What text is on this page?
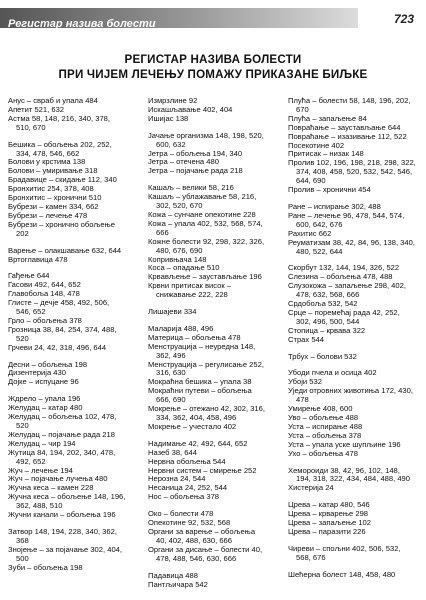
Регистар назива болести	723
РЕГИСТАР НАЗИВА БОЛЕСТИ
ПРИ ЧИЈЕМ ЛЕЧЕЊУ ПОМАЖУ ПРИКАЗАНЕ БИЉКЕ
Анус – сврaб и упала 484
Апетит 521, 632
Астма 58, 148, 216, 340, 378, 510, 670
Бешика – обољења 202, 252, 334, 478, 546, 662
Болови у крстима 138
Болови – умиривање 318
Брадавице – скидање 112, 340
Бронхитис 254, 378, 408
Бронхитис – хронични 510
Бубрези – камен 334, 662
Бубрези – лечење 478
Бубрези – хронично обољење 202
Варење – олакшавање 632, 644
Вртоглавица 478
Гађење 644
Гасови 492, 644, 652
Главобоља 148, 478
Глисте – дечје 458, 492, 506, 546, 652
Грло – обољења 378
Грозница 38, 84, 254, 374, 488, 520
Грчеви 24, 42, 318, 496, 644
Десни – обољења 198
Дизентерија 430
Дојке – испуцане 96
Ждрело – упала 196
Желудац – катар 480
Желудац – обољења 102, 478, 520
Желудац – појачање рада 218
Желудац – чир 194
Жутица 84, 194, 202, 340, 478, 492, 652
Жуч – лечење 194
Жуч – појачање лучења 480
Жучна кеса – камен 228
Жучна кеса – обољење 148, 196, 362, 488, 510
Жучни канали – обољења 196
Затвор 148, 194, 228, 340, 362, 368
Знојење – за појачање 302, 404, 500
Зуби – обољења 198
Измрзлине 92
Искашљавање 402, 404
Ишијас 138
Јачање организма 148, 198, 520, 600, 632
Јетра – обољења 194, 340
Јетра – отечена 480
Јетра – појачање рада 218
Кашаљ – велики 58, 216
Кашаљ – ублажавање 58, 216, 302, 520, 670
Кожа – сунчане опекотине 228
Кожа – упала 402, 532, 568, 574, 666
Кожне болести 92, 298, 322, 326, 480, 676, 690
Копривњача 148
Коса – опадање 510
Крвављење – заустављање 196
Крвни притисак висок – снижавање 222, 228
Лишајеви 334
Маларија 488, 496
Материца – обољења 478
Менструација – неуредна 148, 362, 496
Менструација – регулисање 252, 316, 630
Мокраћна бешика – упала 38
Мокраћни путеви – обољења 666, 690
Мокрење – отежано 42, 302, 316, 334, 362, 404, 458, 496
Мокрење – учестало 402
Надимање 42, 492, 644, 652
Назеб 38, 644
Нервна обољења 544
Нервни систем – смирење 252
Нерозна 24, 544
Несаница 24, 252, 544
Нос – обољења 378
Око – болести 478
Опекотине 92, 532, 568
Органи за варење – обољења 40, 402, 488, 630, 666
Органи за дисање – болести 40, 478, 488, 546, 630, 666
Падавица 488
Пантљичара 542
Плућа – болести 58, 148, 196, 202, 670
Плућа – запаљење 84
Повраћање – заустављање 644
Повраћање – изазивање 112, 522
Посекотине 402
Притисак – низак 148
Пролив 102, 196, 198, 218, 298, 322, 374, 408, 458, 520, 532, 542, 546, 644, 690
Пролив – хронични 454
Ране – испирање 302, 488
Ране – лечење 96, 478, 544, 574, 600, 642, 676
Рахитис 662
Реуматизам 38, 42, 84, 96, 138, 340, 480, 522, 644
Скорбут 132, 144, 194, 326, 522
Слезина – обољења 478, 488
Слузокожа – запаљење 298, 402, 478, 632, 568, 666
Срдобоља 532, 542
Срце – поремећај рада 42, 252, 302, 496, 500, 544
Стопица – крвава 322
Страх 544
Трбух – болови 532
Убоди пчела и осица 402
Убоји 532
Уједи отровних животиња 172, 430, 478
Умирење 408, 600
Уво – обољење 488
Уста – испирање 488
Уста – обољења 378
Уста – упала уске шупљине 196
Ухо – обољења 478
Хемороиди 38, 42, 96, 102, 148, 194, 318, 322, 434, 484, 488, 490
Хистерија 24
Црева – катар 480, 546
Црева – крварење 298
Црева – запаљење 102
Црева – паразити 226
Чиреви – спољни 402, 506, 532, 568, 676
Шећерна болест 148, 458, 480
